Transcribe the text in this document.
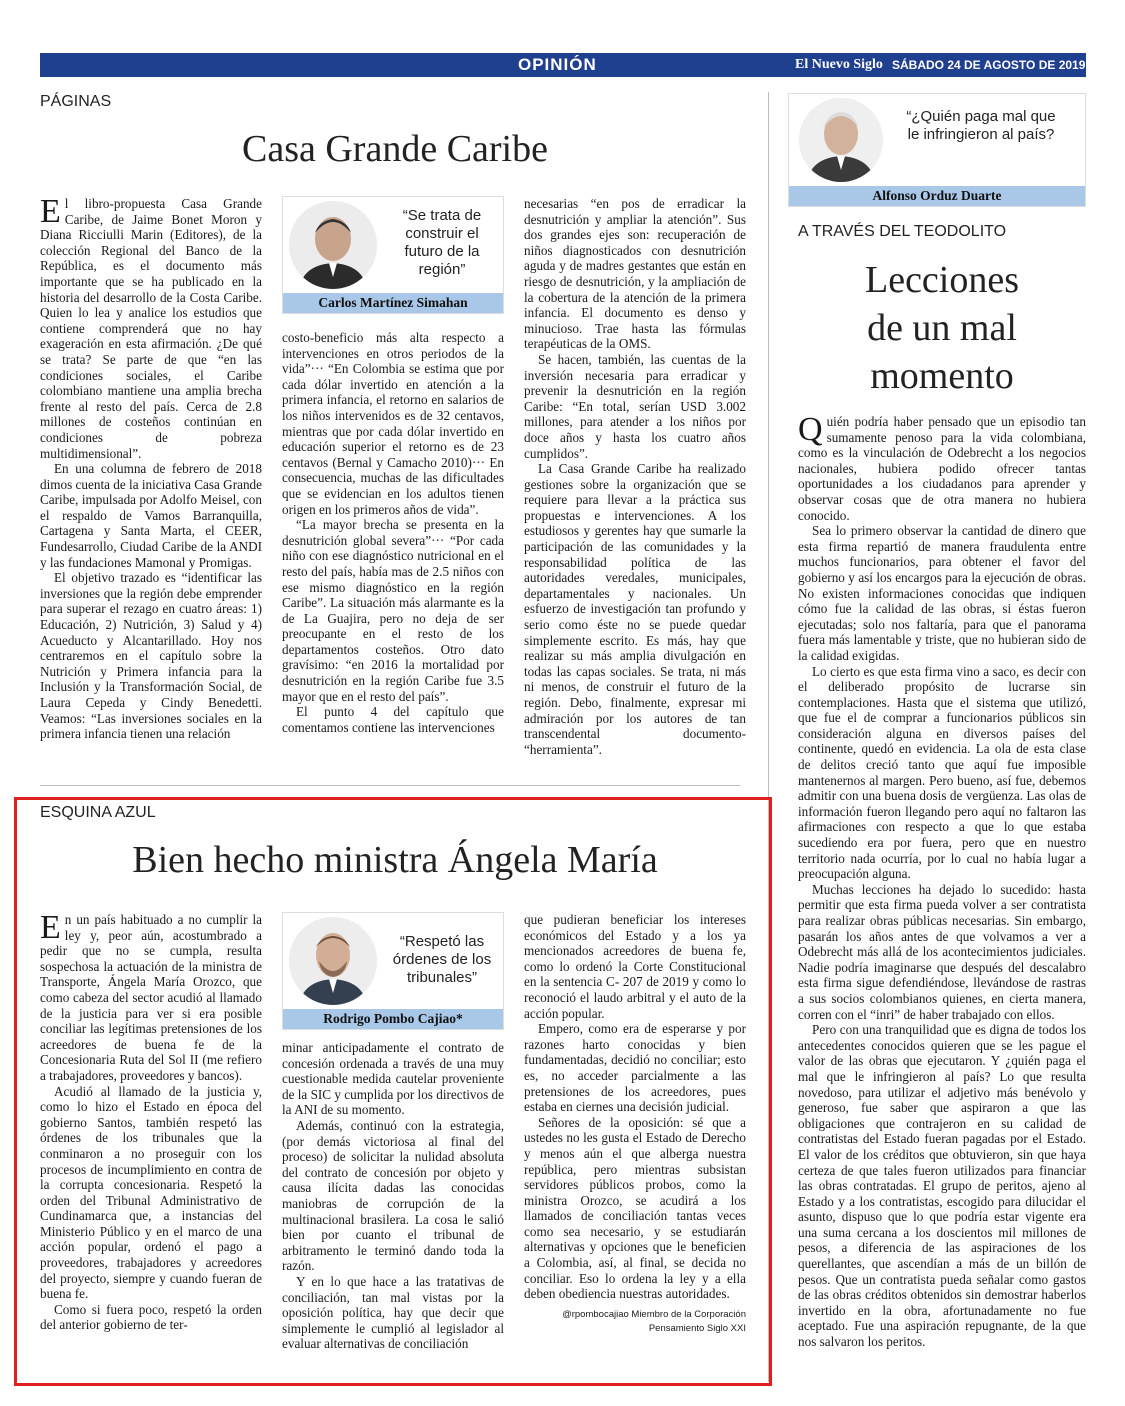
OPINIÓN	El Nuevo Siglo SÁBADO 24 DE AGOSTO DE 2019 9A
PÁGINAS
Casa Grande Caribe

El libro-propuesta Casa Grande Caribe, de Jaime Bonet Moron y Diana Ricciulli Marin (Editores), de la colección Regional del Banco de la República, es el documento más importante que se ha publicado en la historia del desarrollo de la Costa Caribe. Quien lo lea y analice los estudios que contiene comprenderá que no hay exageración en esta afirmación. ¿De qué se trata? Se parte de que “en las condiciones sociales, el Caribe colombiano mantiene una amplia brecha frente al resto del país. Cerca de 2.8 millones de costeños continúan en condiciones de pobreza multidimensional”.

En una columna de febrero de 2018 dimos cuenta de la iniciativa Casa Grande Caribe, impulsada por Adolfo Meisel, con el respaldo de Vamos Barranquilla, Cartagena y Santa Marta, el CEER, Fundesarrollo, Ciudad Caribe de la ANDI y las fundaciones Mamonal y Promigas.

El objetivo trazado es “identificar las inversiones que la región debe emprender para superar el rezago en cuatro áreas: 1) Educación, 2) Nutrición, 3) Salud y 4) Acueducto y Alcantarillado. Hoy nos centraremos en el capítulo sobre la Nutrición y Primera infancia para la Inclusión y la Transformación Social, de Laura Cepeda y Cindy Benedetti. Veamos: “Las inversiones sociales en la primera infancia tienen una relación

“Se trata de construir el futuro de la región”
Carlos Martínez Simahan

costo-beneficio más alta respecto a intervenciones en otros periodos de la vida”··· “En Colombia se estima que por cada dólar invertido en atención a la primera infancia, el retorno en salarios de los niños intervenidos es de 32 centavos, mientras que por cada dólar invertido en educación superior el retorno es de 23 centavos (Bernal y Camacho 2010)··· En consecuencia, muchas de las dificultades que se evidencian en los adultos tienen origen en los primeros años de vida”.

“La mayor brecha se presenta en la desnutrición global severa”··· “Por cada niño con ese diagnóstico nutricional en el resto del país, había mas de 2.5 niños con ese mismo diagnóstico en la región Caribe”. La situación más alarmante es la de La Guajira, pero no deja de ser preocupante en el resto de los departamentos costeños. Otro dato gravísimo: “en 2016 la mortalidad por desnutrición en la región Caribe fue 3.5 mayor que en el resto del país”.

El punto 4 del capítulo que comentamos contiene las intervenciones

necesarias “en pos de erradicar la desnutrición y ampliar la atención”. Sus dos grandes ejes son: recuperación de niños diagnosticados con desnutrición aguda y de madres gestantes que están en riesgo de desnutrición, y la ampliación de la cobertura de la atención de la primera infancia. El documento es denso y minucioso. Trae hasta las fórmulas terapéuticas de la OMS.

Se hacen, también, las cuentas de la inversión necesaria para erradicar y prevenir la desnutrición en la región Caribe: “En total, serían USD 3.002 millones, para atender a los niños por doce años y hasta los cuatro años cumplidos”.

La Casa Grande Caribe ha realizado gestiones sobre la organización que se requiere para llevar a la práctica sus propuestas e intervenciones. A los estudiosos y gerentes hay que sumarle la participación de las comunidades y la responsabilidad política de las autoridades veredales, municipales, departamentales y nacionales. Un esfuerzo de investigación tan profundo y serio como éste no se puede quedar simplemente escrito. Es más, hay que realizar su más amplia divulgación en todas las capas sociales. Se trata, ni más ni menos, de construir el futuro de la región. Debo, finalmente, expresar mi admiración por los autores de tan transcendental documento- “herramienta”.

ESQUINA AZUL
Bien hecho ministra Ángela María

En un país habituado a no cumplir la ley y, peor aún, acostumbrado a pedir que no se cumpla, resulta sospechosa la actuación de la ministra de Transporte, Ángela María Orozco, que como cabeza del sector acudió al llamado de la justicia para ver si era posible conciliar las legítimas pretensiones de los acreedores de buena fe de la Concesionaria Ruta del Sol II (me refiero a trabajadores, proveedores y bancos).

Acudió al llamado de la justicia y, como lo hizo el Estado en época del gobierno Santos, también respetó las órdenes de los tribunales que la conminaron a no proseguir con los procesos de incumplimiento en contra de la corrupta concesionaria. Respetó la orden del Tribunal Administrativo de Cundinamarca que, a instancias del Ministerio Público y en el marco de una acción popular, ordenó el pago a proveedores, trabajadores y acreedores del proyecto, siempre y cuando fueran de buena fe.

Como si fuera poco, respetó la orden del anterior gobierno de ter-

“Respetó las órdenes de los tribunales”
Rodrigo Pombo Cajiao*

minar anticipadamente el contrato de concesión ordenada a través de una muy cuestionable medida cautelar proveniente de la SIC y cumplida por los directivos de la ANI de su momento.

Además, continuó con la estrategia, (por demás victoriosa al final del proceso) de solicitar la nulidad absoluta del contrato de concesión por objeto y causa ilícita dadas las conocidas maniobras de corrupción de la multinacional brasilera. La cosa le salió bien por cuanto el tribunal de arbitramento le terminó dando toda la razón.

Y en lo que hace a las tratativas de conciliación, tan mal vistas por la oposición política, hay que decir que simplemente le cumplió al legislador al evaluar alternativas de conciliación

que pudieran beneficiar los intereses económicos del Estado y a los ya mencionados acreedores de buena fe, como lo ordenó la Corte Constitucional en la sentencia C- 207 de 2019 y como lo reconoció el laudo arbitral y el auto de la acción popular.

Empero, como era de esperarse y por razones harto conocidas y bien fundamentadas, decidió no conciliar; esto es, no acceder parcialmente a las pretensiones de los acreedores, pues estaba en ciernes una decisión judicial.

Señores de la oposición: sé que a ustedes no les gusta el Estado de Derecho y menos aún el que alberga nuestra república, pero mientras subsistan servidores públicos probos, como la ministra Orozco, se acudirá a los llamados de conciliación tantas veces como sea necesario, y se estudiarán alternativas y opciones que le beneficien a Colombia, así, al final, se decida no conciliar. Eso lo ordena la ley y a ella deben obediencia nuestras autoridades.

@rpombocajiao Miembro de la Corporación
Pensamiento Siglo XXI
“¿Quién paga mal que le infringieron al país?
Alfonso Orduz Duarte
A TRAVÉS DEL TEODOLITO
Lecciones
de un mal
momento

Quién podría haber pensado que un episodio tan sumamente penoso para la vida colombiana, como es la vinculación de Odebrecht a los negocios nacionales, hubiera podido ofrecer tantas oportunidades a los ciudadanos para aprender y observar cosas que de otra manera no hubiera conocido.

Sea lo primero observar la cantidad de dinero que esta firma repartió de manera fraudulenta entre muchos funcionarios, para obtener el favor del gobierno y así los encargos para la ejecución de obras. No existen informaciones conocidas que indiquen cómo fue la calidad de las obras, si éstas fueron ejecutadas; solo nos faltaría, para que el panorama fuera más lamentable y triste, que no hubieran sido de la calidad exigidas.

Lo cierto es que esta firma vino a saco, es decir con el deliberado propósito de lucrarse sin contemplaciones. Hasta que el sistema que utilizó, que fue el de comprar a funcionarios públicos sin consideración alguna en diversos países del continente, quedó en evidencia. La ola de esta clase de delitos creció tanto que aquí fue imposible mantenernos al margen. Pero bueno, así fue, debemos admitir con una buena dosis de vergüenza. Las olas de información fueron llegando pero aquí no faltaron las afirmaciones con respecto a que lo que estaba sucediendo era por fuera, pero que en nuestro territorio nada ocurría, por lo cual no había lugar a preocupación alguna.

Muchas lecciones ha dejado lo sucedido: hasta permitir que esta firma pueda volver a ser contratista para realizar obras públicas necesarias. Sin embargo, pasarán los años antes de que volvamos a ver a Odebrecht más allá de los acontecimientos judiciales. Nadie podría imaginarse que después del descalabro esta firma sigue defendiéndose, llevándose de rastras a sus socios colombianos quienes, en cierta manera, corren con el “inri” de haber trabajado con ellos.

Pero con una tranquilidad que es digna de todos los antecedentes conocidos quieren que se les pague el valor de las obras que ejecutaron. Y ¿quién paga el mal que le infringieron al país? Lo que resulta novedoso, para utilizar el adjetivo más benévolo y generoso, fue saber que aspiraron a que las obligaciones que contrajeron en su calidad de contratistas del Estado fueran pagadas por el Estado. El valor de los créditos que obtuvieron, sin que haya certeza de que tales fueron utilizados para financiar las obras contratadas. El grupo de peritos, ajeno al Estado y a los contratistas, escogido para dilucidar el asunto, dispuso que lo que podría estar vigente era una suma cercana a los doscientos mil millones de pesos, a diferencia de las aspiraciones de los querellantes, que ascendían a más de un billón de pesos. Que un contratista pueda señalar como gastos de las obras créditos obtenidos sin demostrar haberlos invertido en la obra, afortunadamente no fue aceptado. Fue una aspiración repugnante, de la que nos salvaron los peritos.
